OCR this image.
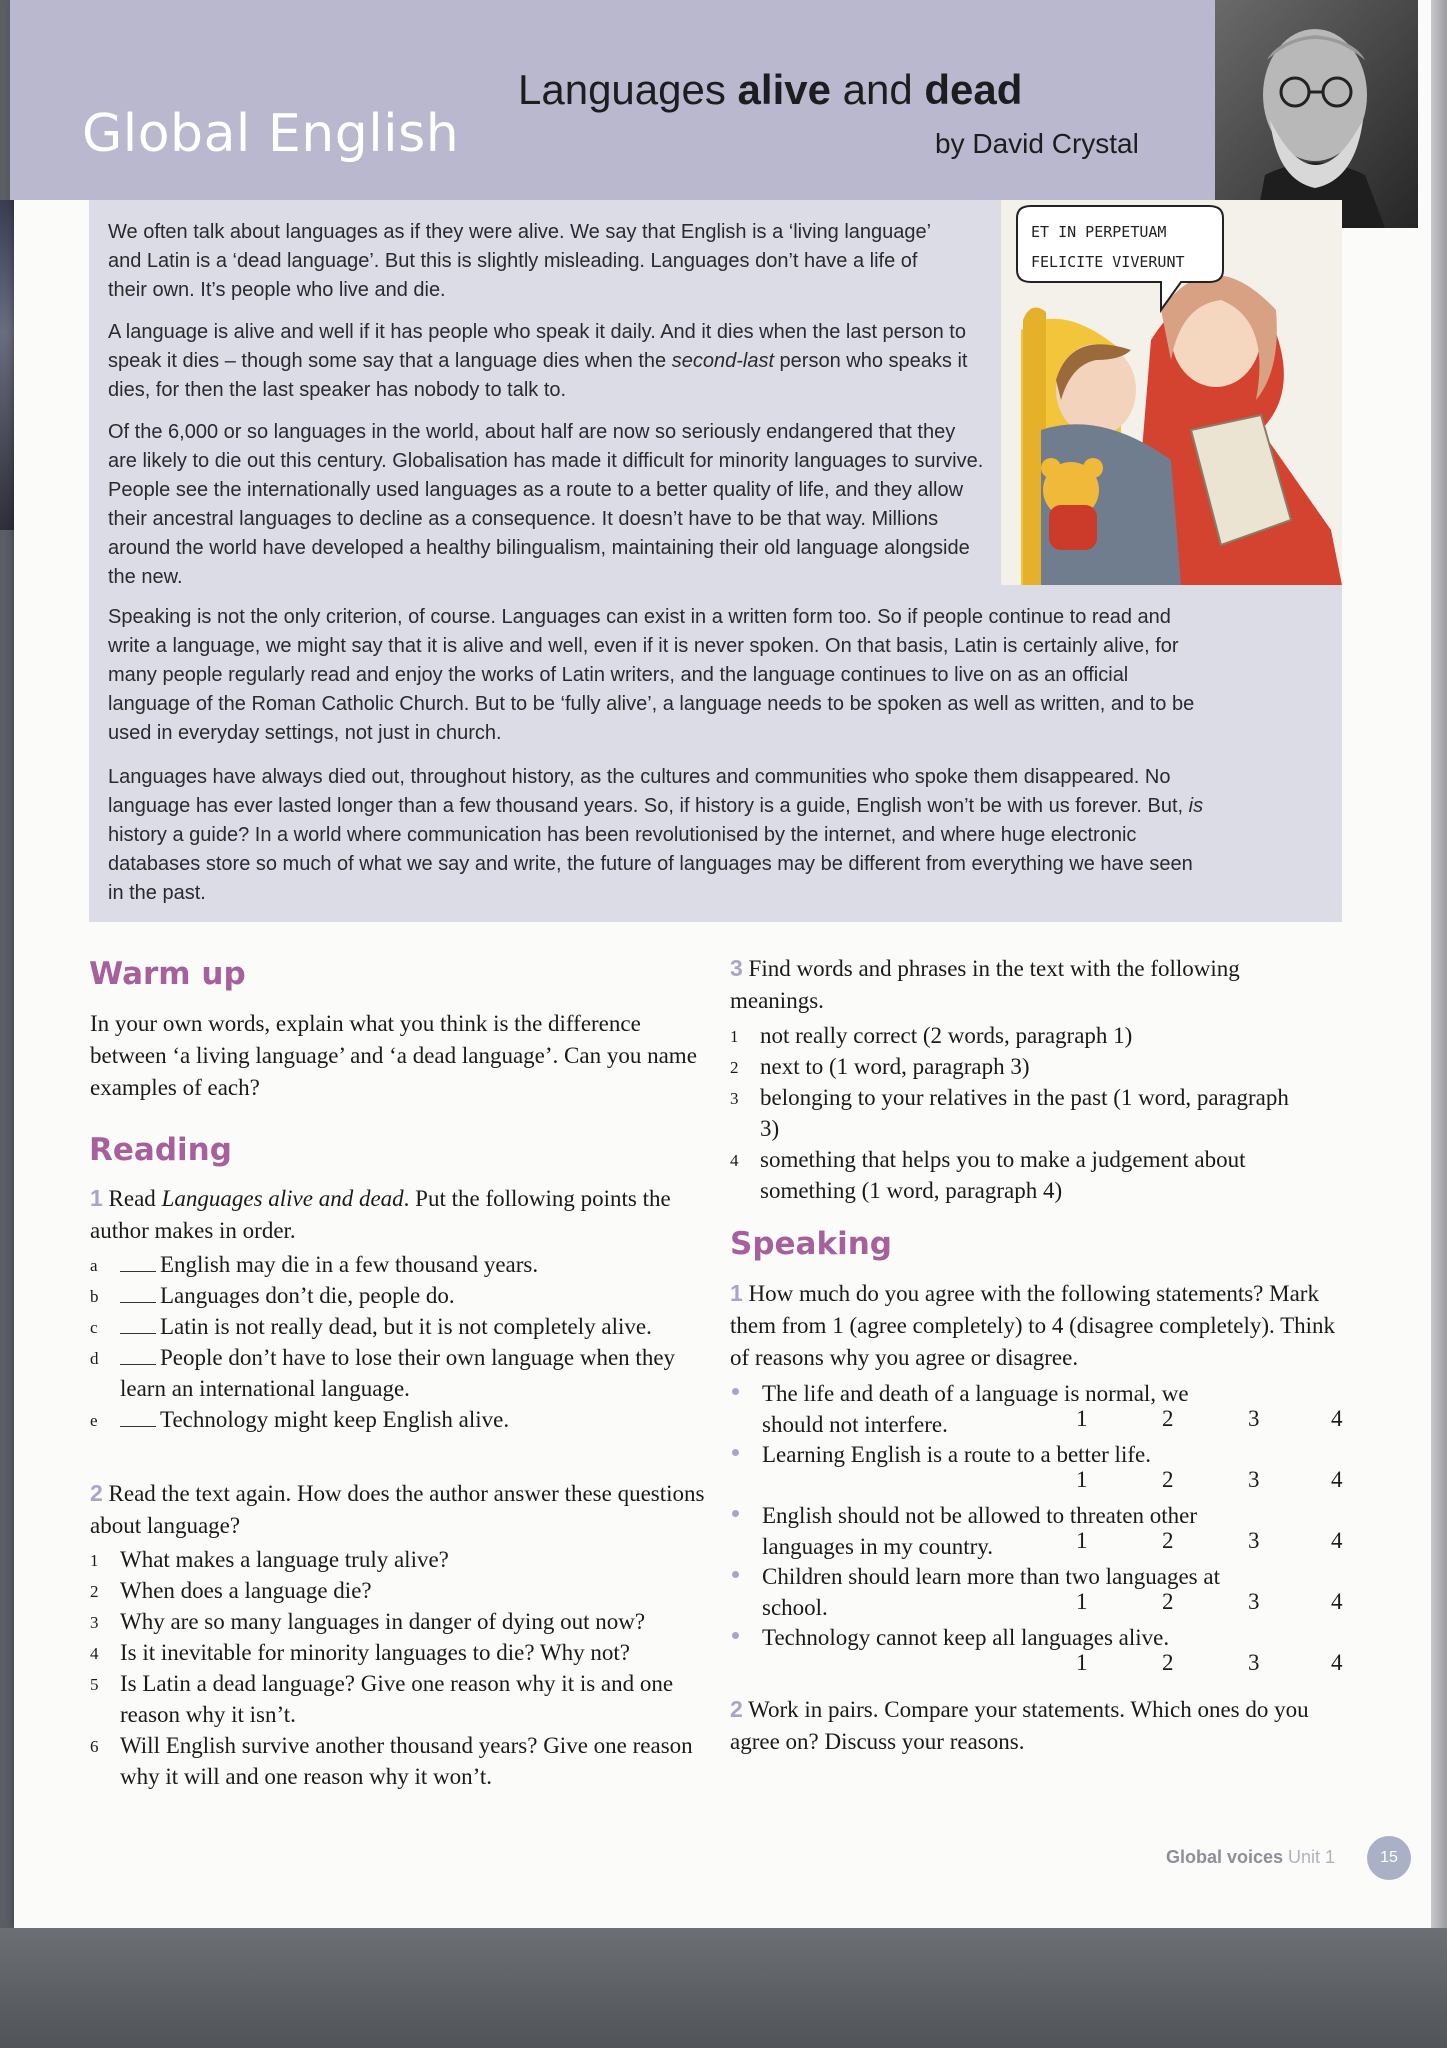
Global English
Languages alive and dead
by David Crystal
ET IN PERPETUAM
FELICITE VIVERUNT

We often talk about languages as if they were alive. We say that English is a ‘living language’ and Latin is a ‘dead language’. But this is slightly misleading. Languages don’t have a life of their own. It’s people who live and die.

A language is alive and well if it has people who speak it daily. And it dies when the last person to speak it dies – though some say that a language dies when the second-last person who speaks it dies, for then the last speaker has nobody to talk to.

Of the 6,000 or so languages in the world, about half are now so seriously endangered that they are likely to die out this century. Globalisation has made it difficult for minority languages to survive. People see the internationally used languages as a route to a better quality of life, and they allow their ancestral languages to decline as a consequence. It doesn’t have to be that way. Millions around the world have developed a healthy bilingualism, maintaining their old language alongside the new.

Speaking is not the only criterion, of course. Languages can exist in a written form too. So if people continue to read and write a language, we might say that it is alive and well, even if it is never spoken. On that basis, Latin is certainly alive, for many people regularly read and enjoy the works of Latin writers, and the language continues to live on as an official language of the Roman Catholic Church. But to be ‘fully alive’, a language needs to be spoken as well as written, and to be used in everyday settings, not just in church.

Languages have always died out, throughout history, as the cultures and communities who spoke them disappeared. No language has ever lasted longer than a few thousand years. So, if history is a guide, English won’t be with us forever. But, is history a guide? In a world where communication has been revolutionised by the internet, and where huge electronic databases store so much of what we say and write, the future of languages may be different from everything we have seen in the past.

Warm up

In your own words, explain what you think is the difference between ‘a living language’ and ‘a dead language’. Can you name examples of each?

Reading

1 Read Languages alive and dead. Put the following points the author makes in order.

a	English may die in a few thousand years.
b	Languages don’t die, people do.
c	Latin is not really dead, but it is not completely alive.
d	People don’t have to lose their own language when they learn an international language.
e	Technology might keep English alive.

2 Read the text again. How does the author answer these questions about language?

1 What makes a language truly alive?
2 When does a language die?
3 Why are so many languages in danger of dying out now?
4 Is it inevitable for minority languages to die? Why not?
5 Is Latin a dead language? Give one reason why it is and one reason why it isn’t.
6 Will English survive another thousand years? Give one reason why it will and one reason why it won’t.

3 Find words and phrases in the text with the following meanings.

1 not really correct (2 words, paragraph 1)
2 next to (1 word, paragraph 3)
3 belonging to your relatives in the past (1 word, paragraph 3)
4 something that helps you to make a judgement about something (1 word, paragraph 4)
Speaking

1 How much do you agree with the following statements? Mark them from 1 (agree completely) to 4 (disagree completely). Think of reasons why you agree or disagree.

The life and death of a language is normal, we should not interfere.	1	2	3	4
Learning English is a route to a better life.
1	2	3	4
English should not be allowed to threaten other languages in my country.	1	2	3	4
Children should learn more than two languages at school.	1	2	3	4
Technology cannot keep all languages alive.
1	2	3	4

2 Work in pairs. Compare your statements. Which ones do you agree on? Discuss your reasons.

Global voices Unit 1	15
